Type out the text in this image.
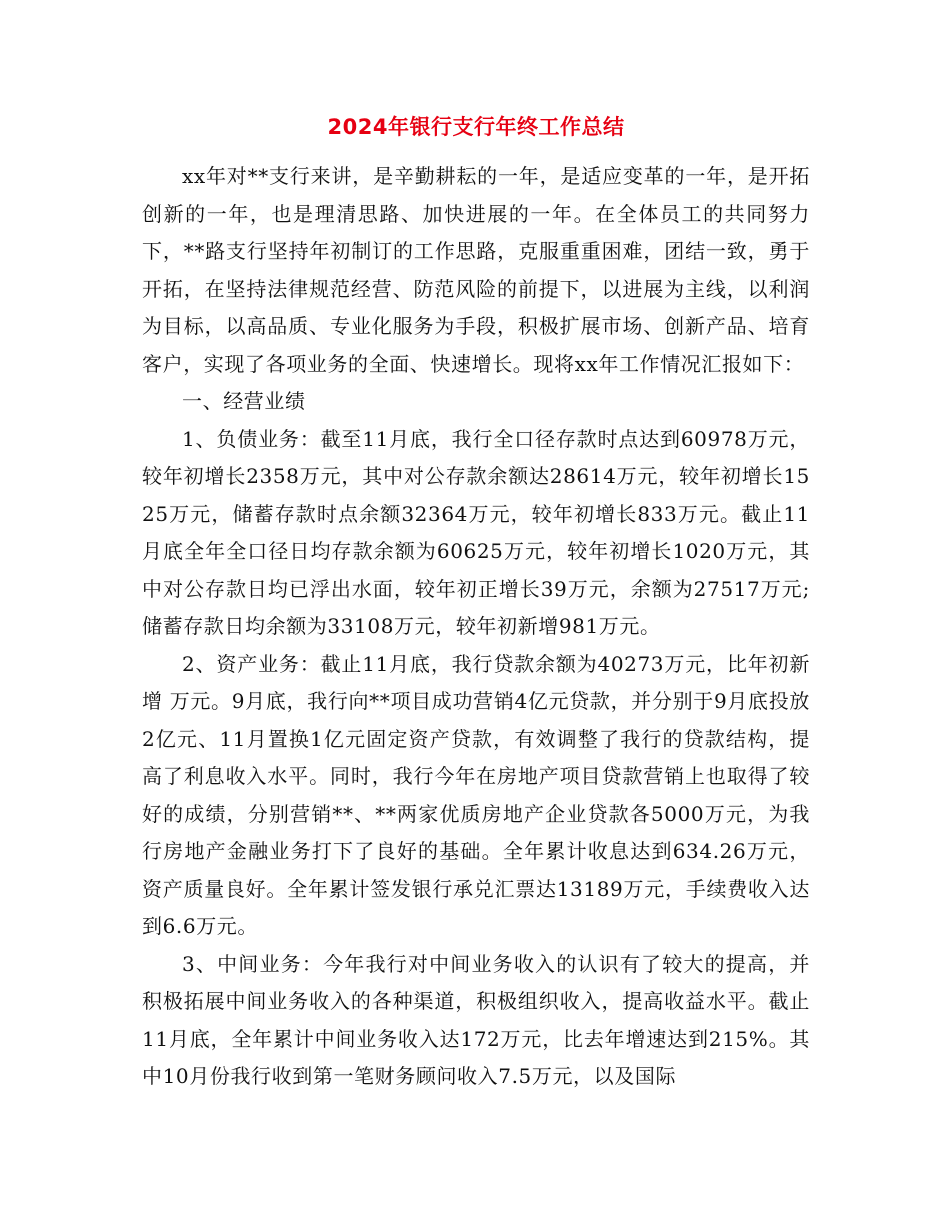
2024年银行支行年终工作总结

xx年对**支行来讲，是辛勤耕耘的一年，是适应变革的一年，是开拓创新的一年，也是理清思路、加快进展的一年。在全体员工的共同努力下，**路支行坚持年初制订的工作思路，克服重重困难，团结一致，勇于开拓，在坚持法律规范经营、防范风险的前提下，以进展为主线，以利润为目标，以高品质、专业化服务为手段，积极扩展市场、创新产品、培育客户，实现了各项业务的全面、快速增长。现将xx年工作情况汇报如下：

一、经营业绩

1、负债业务：截至11月底，我行全口径存款时点达到60978万元，较年初增长2358万元，其中对公存款余额达28614万元，较年初增长1525万元，储蓄存款时点余额32364万元，较年初增长833万元。截止11月底全年全口径日均存款余额为60625万元，较年初增长1020万元，其中对公存款日均已浮出水面，较年初正增长39万元，余额为27517万元;储蓄存款日均余额为33108万元，较年初新增981万元。

2、资产业务：截止11月底，我行贷款余额为40273万元，比年初新增 万元。9月底，我行向**项目成功营销4亿元贷款，并分别于9月底投放2亿元、11月置换1亿元固定资产贷款，有效调整了我行的贷款结构，提高了利息收入水平。同时，我行今年在房地产项目贷款营销上也取得了较好的成绩，分别营销**、**两家优质房地产企业贷款各5000万元，为我行房地产金融业务打下了良好的基础。全年累计收息达到634.26万元，资产质量良好。全年累计签发银行承兑汇票达13189万元，手续费收入达到6.6万元。

3、中间业务：今年我行对中间业务收入的认识有了较大的提高，并积极拓展中间业务收入的各种渠道，积极组织收入，提高收益水平。截止11月底，全年累计中间业务收入达172万元，比去年增速达到215%。其中10月份我行收到第一笔财务顾问收入7.5万元，以及国际
